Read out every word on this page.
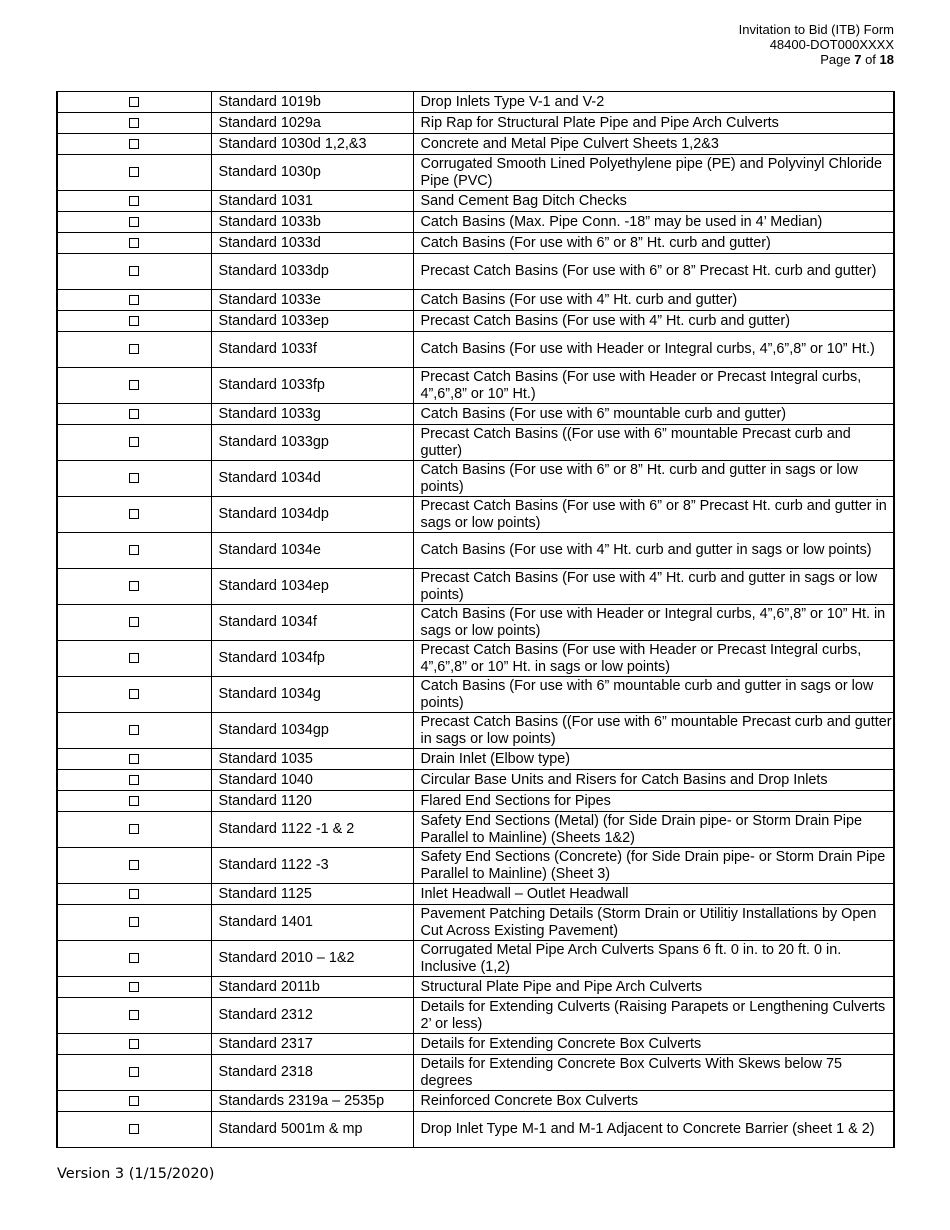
Invitation to Bid (ITB) Form
48400-DOT000XXXX
Page 7 of 18
	Standard 1019b	Drop Inlets Type V-1 and V-2
	Standard 1029a	Rip Rap for Structural Plate Pipe and Pipe Arch Culverts
	Standard 1030d 1,2,&3	Concrete and Metal Pipe Culvert Sheets 1,2&3
	Standard 1030p	Corrugated Smooth Lined Polyethylene pipe (PE) and Polyvinyl Chloride Pipe (PVC)
	Standard 1031	Sand Cement Bag Ditch Checks
	Standard 1033b	Catch Basins (Max. Pipe Conn. -18” may be used in 4’ Median)
	Standard 1033d	Catch Basins (For use with 6” or 8” Ht. curb and gutter)
	Standard 1033dp	Precast Catch Basins (For use with 6” or 8” Precast Ht. curb and gutter)
	Standard 1033e	Catch Basins (For use with 4” Ht. curb and gutter)
	Standard 1033ep	Precast Catch Basins (For use with 4” Ht. curb and gutter)
	Standard 1033f	Catch Basins (For use with Header or Integral curbs, 4”,6”,8” or 10” Ht.)
	Standard 1033fp	Precast Catch Basins (For use with Header or Precast Integral curbs, 4”,6”,8” or 10” Ht.)
	Standard 1033g	Catch Basins (For use with 6” mountable curb and gutter)
	Standard 1033gp	Precast Catch Basins ((For use with 6” mountable Precast curb and gutter)
	Standard 1034d	Catch Basins (For use with 6” or 8” Ht. curb and gutter in sags or low points)
	Standard 1034dp	Precast Catch Basins (For use with 6” or 8” Precast Ht. curb and gutter in sags or low points)
	Standard 1034e	Catch Basins (For use with 4” Ht. curb and gutter in sags or low points)
	Standard 1034ep	Precast Catch Basins (For use with 4” Ht. curb and gutter in sags or low points)
	Standard 1034f	Catch Basins (For use with Header or Integral curbs, 4”,6”,8” or 10” Ht. in sags or low points)
	Standard 1034fp	Precast Catch Basins (For use with Header or Precast Integral curbs, 4”,6”,8” or 10” Ht. in sags or low points)
	Standard 1034g	Catch Basins (For use with 6” mountable curb and gutter in sags or low points)
	Standard 1034gp	Precast Catch Basins ((For use with 6” mountable Precast curb and gutter in sags or low points)
	Standard 1035	Drain Inlet (Elbow type)
	Standard 1040	Circular Base Units and Risers for Catch Basins and Drop Inlets
	Standard 1120	Flared End Sections for Pipes
	Standard 1122 -1 & 2	Safety End Sections (Metal) (for Side Drain pipe- or Storm Drain Pipe Parallel to Mainline) (Sheets 1&2)
	Standard 1122 -3	Safety End Sections (Concrete) (for Side Drain pipe- or Storm Drain Pipe Parallel to Mainline) (Sheet 3)
	Standard 1125	Inlet Headwall – Outlet Headwall
	Standard 1401	Pavement Patching Details (Storm Drain or Utilitiy Installations by Open Cut Across Existing Pavement)
	Standard 2010 – 1&2	Corrugated Metal Pipe Arch Culverts Spans 6 ft. 0 in. to 20 ft. 0 in. Inclusive (1,2)
	Standard 2011b	Structural Plate Pipe and Pipe Arch Culverts
	Standard 2312	Details for Extending Culverts (Raising Parapets or Lengthening Culverts 2’ or less)
	Standard 2317	Details for Extending Concrete Box Culverts
	Standard 2318	Details for Extending Concrete Box Culverts With Skews below 75 degrees
	Standards 2319a – 2535p	Reinforced Concrete Box Culverts
	Standard 5001m & mp	Drop Inlet Type M-1 and M-1 Adjacent to Concrete Barrier (sheet 1 & 2)
Version 3 (1/15/2020)
